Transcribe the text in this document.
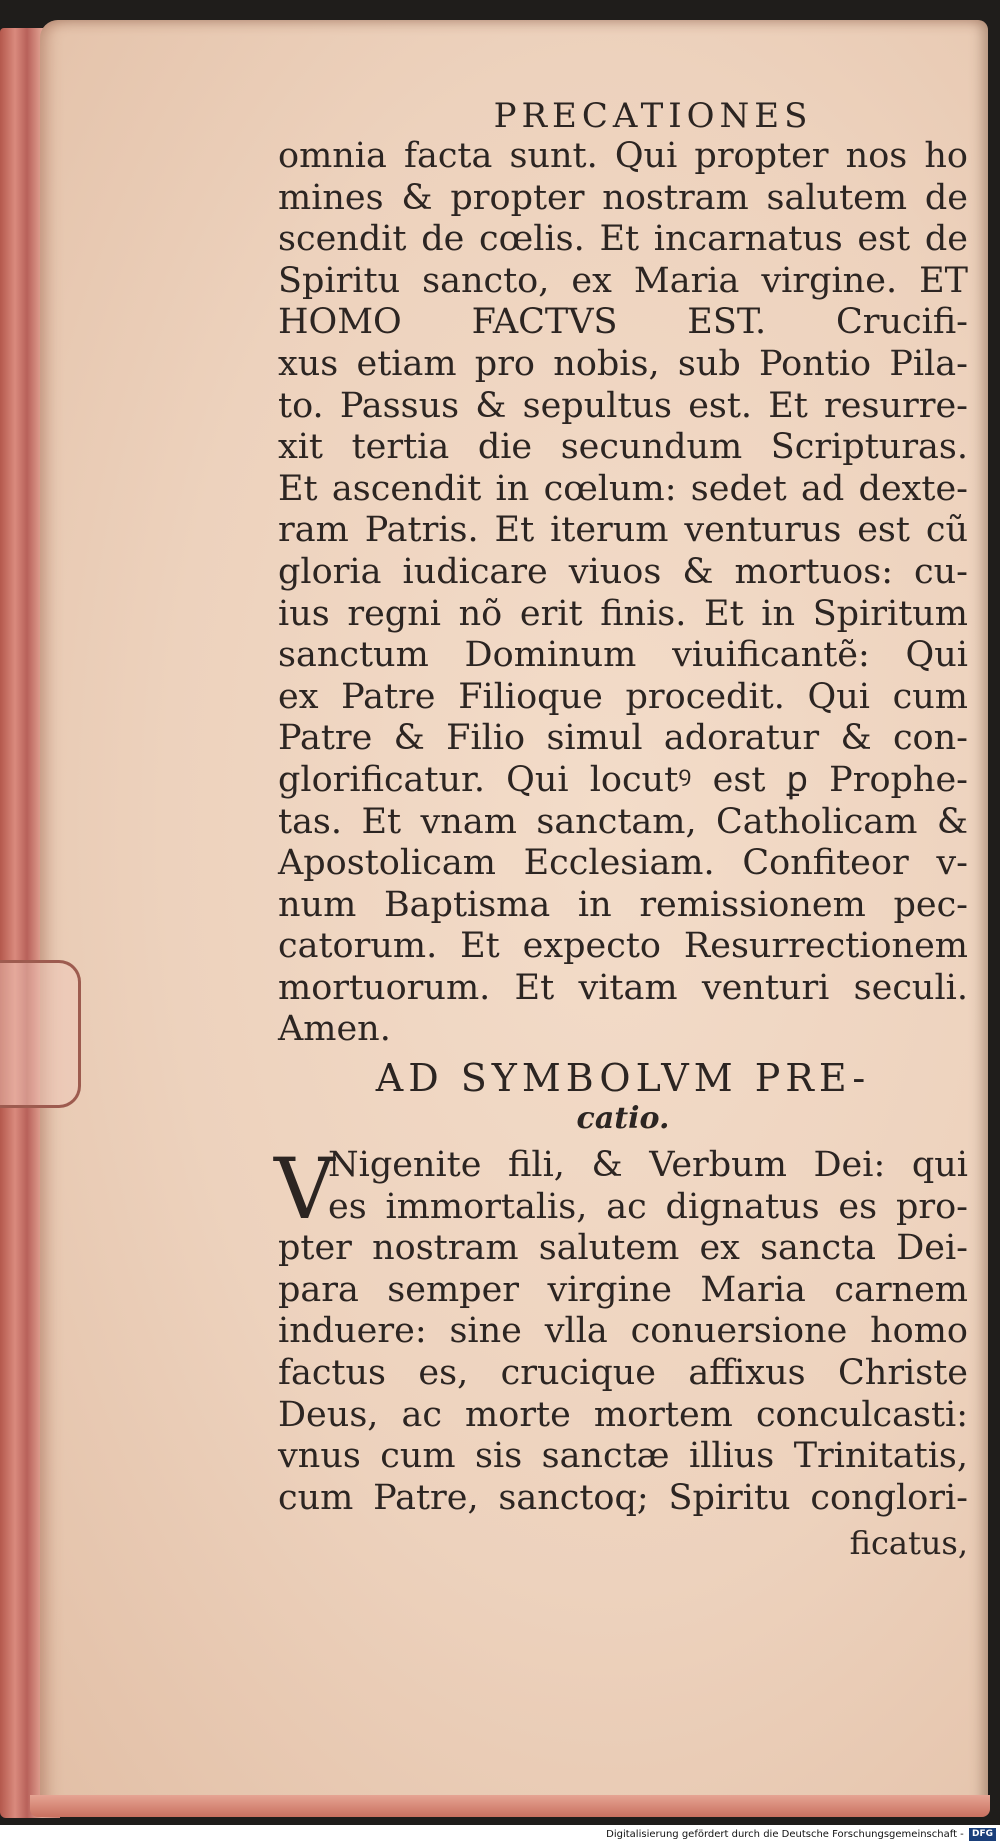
PRECATIONES
omnia facta sunt. Qui propter nos ho
mines & propter nostram salutem de
scendit de cœlis. Et incarnatus est de
Spiritu sancto, ex Maria virgine. ET
HOMO FACTVS EST. Crucifi-
xus etiam pro nobis, sub Pontio Pila-
to. Passus & sepultus est. Et resurre-
xit tertia die secundum Scripturas.
Et ascendit in cœlum: sedet ad dexte-
ram Patris. Et iterum venturus est cũ
gloria iudicare viuos & mortuos: cu-
ius regni nõ erit finis. Et in Spiritum
sanctum Dominum viuificantẽ: Qui
ex Patre Filioque procedit. Qui cum
Patre & Filio simul adoratur & con-
glorificatur. Qui locutꝰ est ꝑ Prophe-
tas. Et vnam sanctam, Catholicam &
Apostolicam Ecclesiam. Confiteor v-
num Baptisma in remissionem pec-
catorum. Et expecto Resurrectionem
mortuorum. Et vitam venturi seculi.
Amen.
AD SYMBOLVM PRE-
catio.
V
Nigenite fili, & Verbum Dei: qui
es immortalis, ac dignatus es pro-
pter nostram salutem ex sancta Dei-
para semper virgine Maria carnem
induere: sine vlla conuersione homo
factus es, crucique affixus Christe
Deus, ac morte mortem conculcasti:
vnus cum sis sanctæ illius Trinitatis,
cum Patre, sanctoq; Spiritu conglori-
ficatus,
Digitalisierung gefördert durch die Deutsche Forschungsgemeinschaft - DFG
